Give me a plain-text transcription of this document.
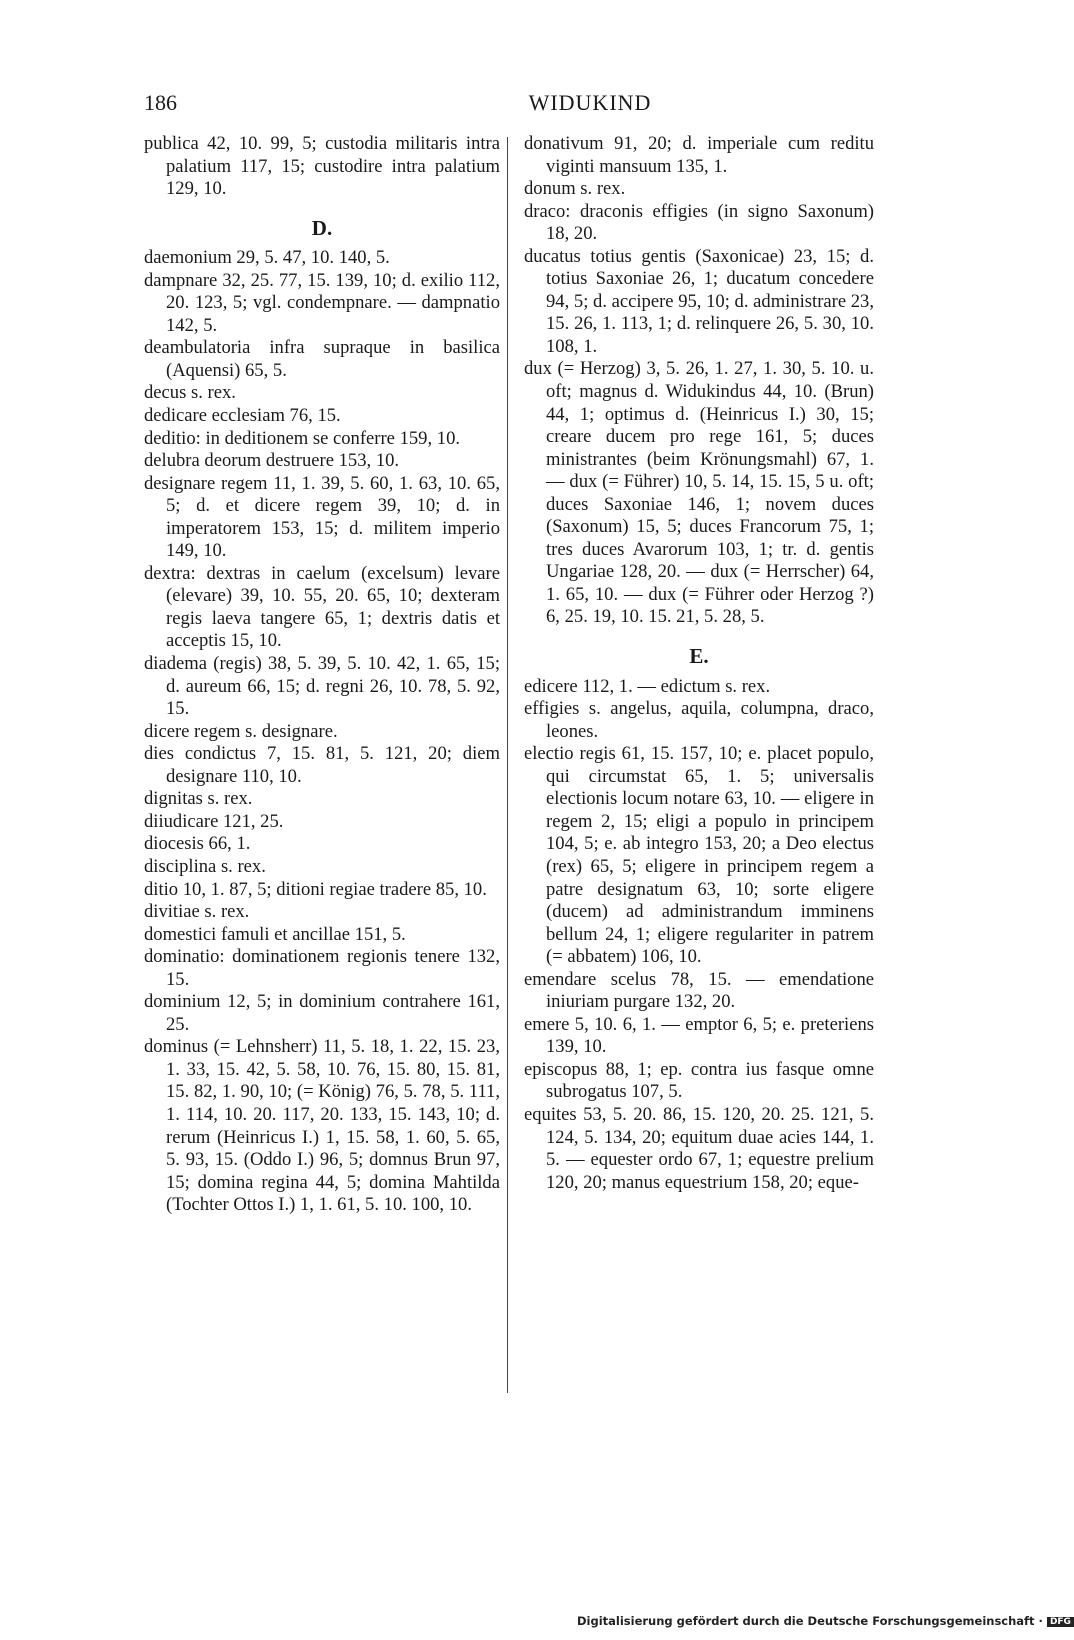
186	WIDUKIND
publica 42, 10. 99, 5; custodia militaris intra palatium 117, 15; custodire intra palatium 129, 10.
D.
daemonium 29, 5. 47, 10. 140, 5.
dampnare 32, 25. 77, 15. 139, 10; d. exilio 112, 20. 123, 5; vgl. condempnare. — dampnatio 142, 5.
deambulatoria infra supraque in basilica (Aquensi) 65, 5.
decus s. rex.
dedicare ecclesiam 76, 15.
deditio: in deditionem se conferre 159, 10.
delubra deorum destruere 153, 10.
designare regem 11, 1. 39, 5. 60, 1. 63, 10. 65, 5; d. et dicere regem 39, 10; d. in imperatorem 153, 15; d. militem imperio 149, 10.
dextra: dextras in caelum (excelsum) levare (elevare) 39, 10. 55, 20. 65, 10; dexteram regis laeva tangere 65, 1; dextris datis et acceptis 15, 10.
diadema (regis) 38, 5. 39, 5. 10. 42, 1. 65, 15; d. aureum 66, 15; d. regni 26, 10. 78, 5. 92, 15.
dicere regem s. designare.
dies condictus 7, 15. 81, 5. 121, 20; diem designare 110, 10.
dignitas s. rex.
diiudicare 121, 25.
diocesis 66, 1.
disciplina s. rex.
ditio 10, 1. 87, 5; ditioni regiae tradere 85, 10.
divitiae s. rex.
domestici famuli et ancillae 151, 5.
dominatio: dominationem regionis tenere 132, 15.
dominium 12, 5; in dominium contrahere 161, 25.
dominus (= Lehnsherr) 11, 5. 18, 1. 22, 15. 23, 1. 33, 15. 42, 5. 58, 10. 76, 15. 80, 15. 81, 15. 82, 1. 90, 10; (= König) 76, 5. 78, 5. 111, 1. 114, 10. 20. 117, 20. 133, 15. 143, 10; d. rerum (Heinricus I.) 1, 15. 58, 1. 60, 5. 65, 5. 93, 15. (Oddo I.) 96, 5; domnus Brun 97, 15; domina regina 44, 5; domina Mahtilda (Tochter Ottos I.) 1, 1. 61, 5. 10. 100, 10.
donativum 91, 20; d. imperiale cum reditu viginti mansuum 135, 1.
donum s. rex.
draco: draconis effigies (in signo Saxonum) 18, 20.
ducatus totius gentis (Saxonicae) 23, 15; d. totius Saxoniae 26, 1; ducatum concedere 94, 5; d. accipere 95, 10; d. administrare 23, 15. 26, 1. 113, 1; d. relinquere 26, 5. 30, 10. 108, 1.
dux (= Herzog) 3, 5. 26, 1. 27, 1. 30, 5. 10. u. oft; magnus d. Widukindus 44, 10. (Brun) 44, 1; optimus d. (Heinricus I.) 30, 15; creare ducem pro rege 161, 5; duces ministrantes (beim Krönungsmahl) 67, 1. — dux (= Führer) 10, 5. 14, 15. 15, 5 u. oft; duces Saxoniae 146, 1; novem duces (Saxonum) 15, 5; duces Francorum 75, 1; tres duces Avarorum 103, 1; tr. d. gentis Ungariae 128, 20. — dux (= Herrscher) 64, 1. 65, 10. — dux (= Führer oder Herzog ?) 6, 25. 19, 10. 15. 21, 5. 28, 5.
E.
edicere 112, 1. — edictum s. rex.
effigies s. angelus, aquila, columpna, draco, leones.
electio regis 61, 15. 157, 10; e. placet populo, qui circumstat 65, 1. 5; universalis electionis locum notare 63, 10. — eligere in regem 2, 15; eligi a populo in principem 104, 5; e. ab integro 153, 20; a Deo electus (rex) 65, 5; eligere in principem regem a patre designatum 63, 10; sorte eligere (ducem) ad administrandum imminens bellum 24, 1; eligere regulariter in patrem (= abbatem) 106, 10.
emendare scelus 78, 15. — emendatione iniuriam purgare 132, 20.
emere 5, 10. 6, 1. — emptor 6, 5; e. preteriens 139, 10.
episcopus 88, 1; ep. contra ius fasque omne subrogatus 107, 5.
equites 53, 5. 20. 86, 15. 120, 20. 25. 121, 5. 124, 5. 134, 20; equitum duae acies 144, 1. 5. — equester ordo 67, 1; equestre prelium 120, 20; manus equestrium 158, 20; eque-
Digitalisierung gefördert durch die Deutsche Forschungsgemeinschaft · DFG
